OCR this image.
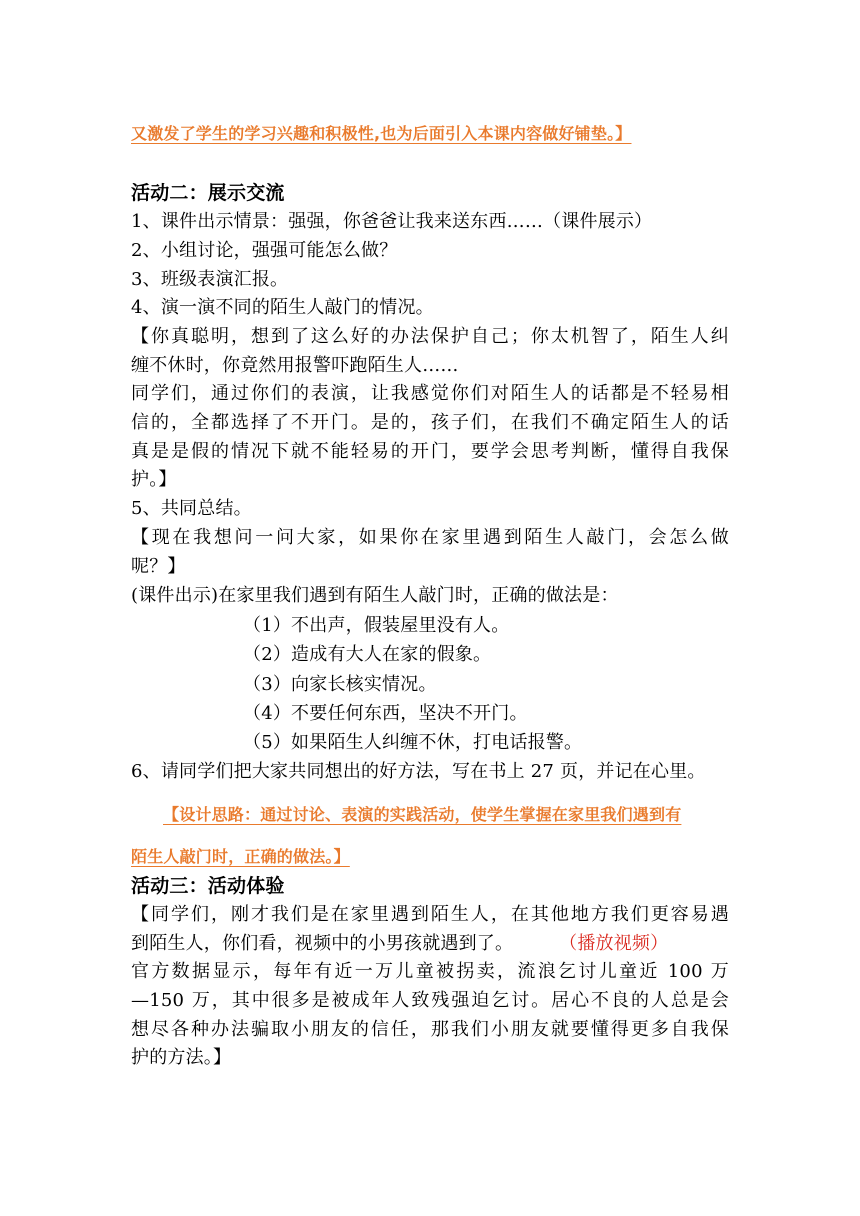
又激发了学生的学习兴趣和积极性,也为后面引入本课内容做好铺垫。】
活动二：展示交流
1、课件出示情景：强强，你爸爸让我来送东西……（课件展示）
2、小组讨论，强强可能怎么做？
3、班级表演汇报。
4、演一演不同的陌生人敲门的情况。
【你真聪明，想到了这么好的办法保护自己；你太机智了，陌生人纠
缠不休时，你竟然用报警吓跑陌生人……
同学们，通过你们的表演，让我感觉你们对陌生人的话都是不轻易相
信的，全都选择了不开门。是的，孩子们，在我们不确定陌生人的话
真是是假的情况下就不能轻易的开门，要学会思考判断，懂得自我保
护。】
5、共同总结。
【现在我想问一问大家，如果你在家里遇到陌生人敲门，会怎么做
呢？】
(课件出示)在家里我们遇到有陌生人敲门时，正确的做法是：
（1）不出声，假装屋里没有人。
（2）造成有大人在家的假象。
（3）向家长核实情况。
（4）不要任何东西，坚决不开门。
（5）如果陌生人纠缠不休，打电话报警。
6、请同学们把大家共同想出的好方法，写在书上 27 页，并记在心里。
【设计思路：通过讨论、表演的实践活动，使学生掌握在家里我们遇到有
陌生人敲门时，正确的做法。】
活动三：活动体验
【同学们，刚才我们是在家里遇到陌生人，在其他地方我们更容易遇
到陌生人，你们看，视频中的小男孩就遇到了。	（播放视频）
官方数据显示，每年有近一万儿童被拐卖，流浪乞讨儿童近 100 万
—150 万，其中很多是被成年人致残强迫乞讨。居心不良的人总是会
想尽各种办法骗取小朋友的信任，那我们小朋友就要懂得更多自我保
护的方法。】
